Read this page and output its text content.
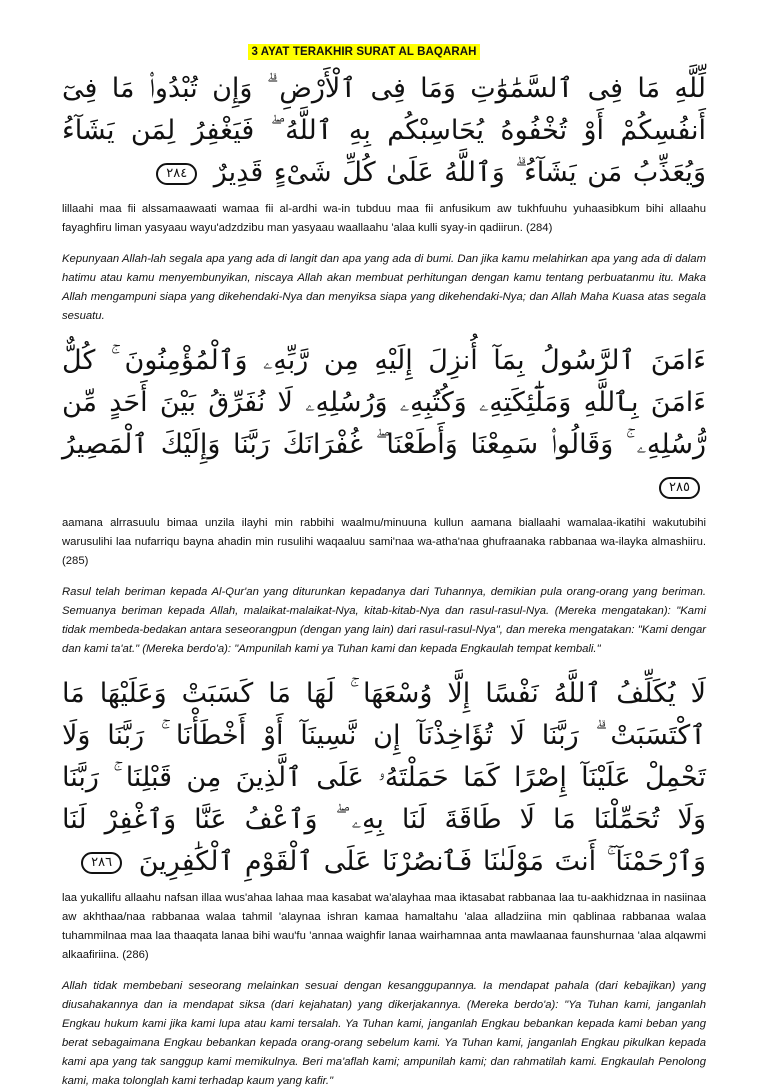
3 AYAT TERAKHIR SURAT AL BAQARAH
لِّلَّهِ مَا فِى ٱلسَّمَٰوَٰتِ وَمَا فِى ٱلْأَرْضِ ۗ وَإِن تُبْدُوا۟ مَا فِىٓ أَنفُسِكُمْ أَوْ تُخْفُوهُ يُحَاسِبْكُم بِهِ ٱللَّهُ ۖ فَيَغْفِرُ لِمَن يَشَآءُ وَيُعَذِّبُ مَن يَشَآءُ ۗ وَٱللَّهُ عَلَىٰ كُلِّ شَىْءٍ قَدِيرٌ ٢٨٤

lillaahi maa fii alssamaawaati wamaa fii al-ardhi wa-in tubduu maa fii anfusikum aw tukhfuuhu yuhaasibkum bihi allaahu fayaghfiru liman yasyaau wayu'adzdzibu man yasyaau waallaahu 'alaa kulli syay-in qadiirun. (284)

Kepunyaan Allah-lah segala apa yang ada di langit dan apa yang ada di bumi. Dan jika kamu melahirkan apa yang ada di dalam hatimu atau kamu menyembunyikan, niscaya Allah akan membuat perhitungan dengan kamu tentang perbuatanmu itu. Maka Allah mengampuni siapa yang dikehendaki-Nya dan menyiksa siapa yang dikehendaki-Nya; dan Allah Maha Kuasa atas segala sesuatu.

ءَامَنَ ٱلرَّسُولُ بِمَآ أُنزِلَ إِلَيْهِ مِن رَّبِّهِۦ وَٱلْمُؤْمِنُونَ ۚ كُلٌّ ءَامَنَ بِٱللَّهِ وَمَلَٰٓئِكَتِهِۦ وَكُتُبِهِۦ وَرُسُلِهِۦ لَا نُفَرِّقُ بَيْنَ أَحَدٍ مِّن رُّسُلِهِۦ ۚ وَقَالُوا۟ سَمِعْنَا وَأَطَعْنَا ۖ غُفْرَانَكَ رَبَّنَا وَإِلَيْكَ ٱلْمَصِيرُ ٢٨٥

aamana alrrasuulu bimaa unzila ilayhi min rabbihi waalmu/minuuna kullun aamana biallaahi wamalaa-ikatihi wakutubihi warusulihi laa nufarriqu bayna ahadin min rusulihi waqaaluu sami'naa wa-atha'naa ghufraanaka rabbanaa wa-ilayka almashiiru. (285)

Rasul telah beriman kepada Al-Qur'an yang diturunkan kepadanya dari Tuhannya, demikian pula orang-orang yang beriman. Semuanya beriman kepada Allah, malaikat-malaikat-Nya, kitab-kitab-Nya dan rasul-rasul-Nya. (Mereka mengatakan): "Kami tidak membeda-bedakan antara seseorangpun (dengan yang lain) dari rasul-rasul-Nya", dan mereka mengatakan: "Kami dengar dan kami ta'at." (Mereka berdo'a): "Ampunilah kami ya Tuhan kami dan kepada Engkaulah tempat kembali."

لَا يُكَلِّفُ ٱللَّهُ نَفْسًا إِلَّا وُسْعَهَا ۚ لَهَا مَا كَسَبَتْ وَعَلَيْهَا مَا ٱكْتَسَبَتْ ۗ رَبَّنَا لَا تُؤَاخِذْنَآ إِن نَّسِينَآ أَوْ أَخْطَأْنَا ۚ رَبَّنَا وَلَا تَحْمِلْ عَلَيْنَآ إِصْرًا كَمَا حَمَلْتَهُۥ عَلَى ٱلَّذِينَ مِن قَبْلِنَا ۚ رَبَّنَا وَلَا تُحَمِّلْنَا مَا لَا طَاقَةَ لَنَا بِهِۦ ۖ وَٱعْفُ عَنَّا وَٱغْفِرْ لَنَا وَٱرْحَمْنَآ ۚ أَنتَ مَوْلَىٰنَا فَٱنصُرْنَا عَلَى ٱلْقَوْمِ ٱلْكَٰفِرِينَ ٢٨٦

laa yukallifu allaahu nafsan illaa wus'ahaa lahaa maa kasabat wa'alayhaa maa iktasabat rabbanaa laa tu-aakhidznaa in nasiinaa aw akhthaa/naa rabbanaa walaa tahmil 'alaynaa ishran kamaa hamaltahu 'alaa alladziina min qablinaa rabbanaa walaa tuhammilnaa maa laa thaaqata lanaa bihi wau'fu 'annaa waighfir lanaa wairhamnaa anta mawlaanaa faunshurnaa 'alaa alqawmi alkaafiriina. (286)

Allah tidak membebani seseorang melainkan sesuai dengan kesanggupannya. Ia mendapat pahala (dari kebajikan) yang diusahakannya dan ia mendapat siksa (dari kejahatan) yang dikerjakannya. (Mereka berdo'a): "Ya Tuhan kami, janganlah Engkau hukum kami jika kami lupa atau kami tersalah. Ya Tuhan kami, janganlah Engkau bebankan kepada kami beban yang berat sebagaimana Engkau bebankan kepada orang-orang sebelum kami. Ya Tuhan kami, janganlah Engkau pikulkan kepada kami apa yang tak sanggup kami memikulnya. Beri ma'aflah kami; ampunilah kami; dan rahmatilah kami. Engkaulah Penolong kami, maka tolonglah kami terhadap kaum yang kafir."
